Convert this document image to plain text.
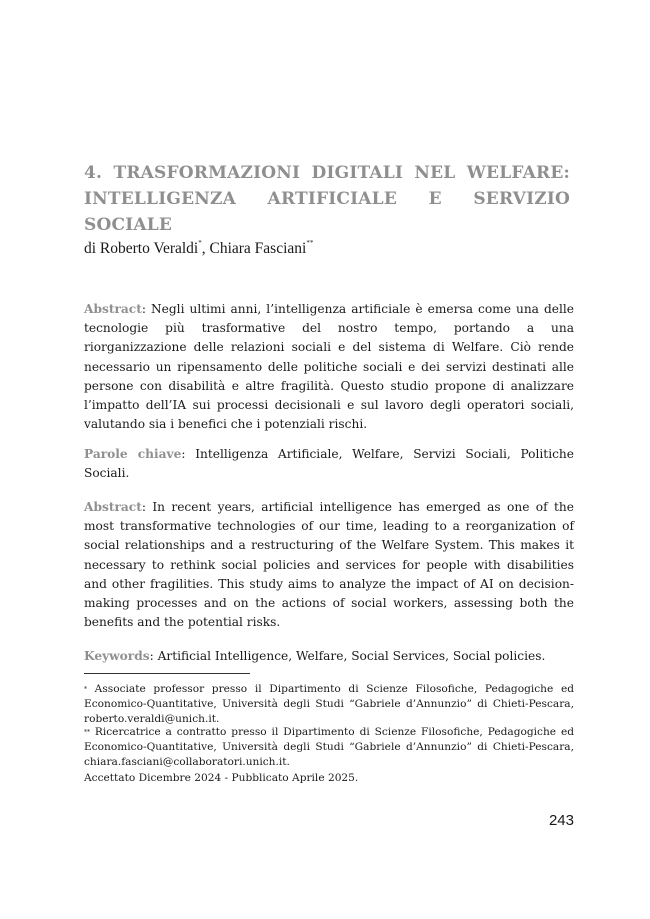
4. TRASFORMAZIONI DIGITALI NEL WELFARE:
INTELLIGENZA ARTIFICIALE E SERVIZIO SOCIALE
di Roberto Veraldi*, Chiara Fasciani**

Abstract: Negli ultimi anni, l’intelligenza artificiale è emersa come una delle tecnologie più trasformative del nostro tempo, portando a una riorganizzazione delle relazioni sociali e del sistema di Welfare. Ciò rende necessario un ripensamento delle politiche sociali e dei servizi destinati alle persone con disabilità e altre fragilità. Questo studio propone di analizzare l’impatto dell’IA sui processi decisionali e sul lavoro degli operatori sociali, valutando sia i benefici che i potenziali rischi.

Parole chiave: Intelligenza Artificiale, Welfare, Servizi Sociali, Politiche Sociali.

Abstract: In recent years, artificial intelligence has emerged as one of the most transformative technologies of our time, leading to a reorganization of social relationships and a restructuring of the Welfare System. This makes it necessary to rethink social policies and services for people with disabilities and other fragilities. This study aims to analyze the impact of AI on decision-making processes and on the actions of social workers, assessing both the benefits and the potential risks.

Keywords: Artificial Intelligence, Welfare, Social Services, Social policies.

* Associate professor presso il Dipartimento di Scienze Filosofiche, Pedagogiche ed Economico-Quantitative, Università degli Studi “Gabriele d’Annunzio” di Chieti-Pescara, roberto.veraldi@unich.it.

** Ricercatrice a contratto presso il Dipartimento di Scienze Filosofiche, Pedagogiche ed Economico-Quantitative, Università degli Studi “Gabriele d’Annunzio” di Chieti-Pescara, chiara.fasciani@collaboratori.unich.it.

Accettato Dicembre 2024 - Pubblicato Aprile 2025.

243
